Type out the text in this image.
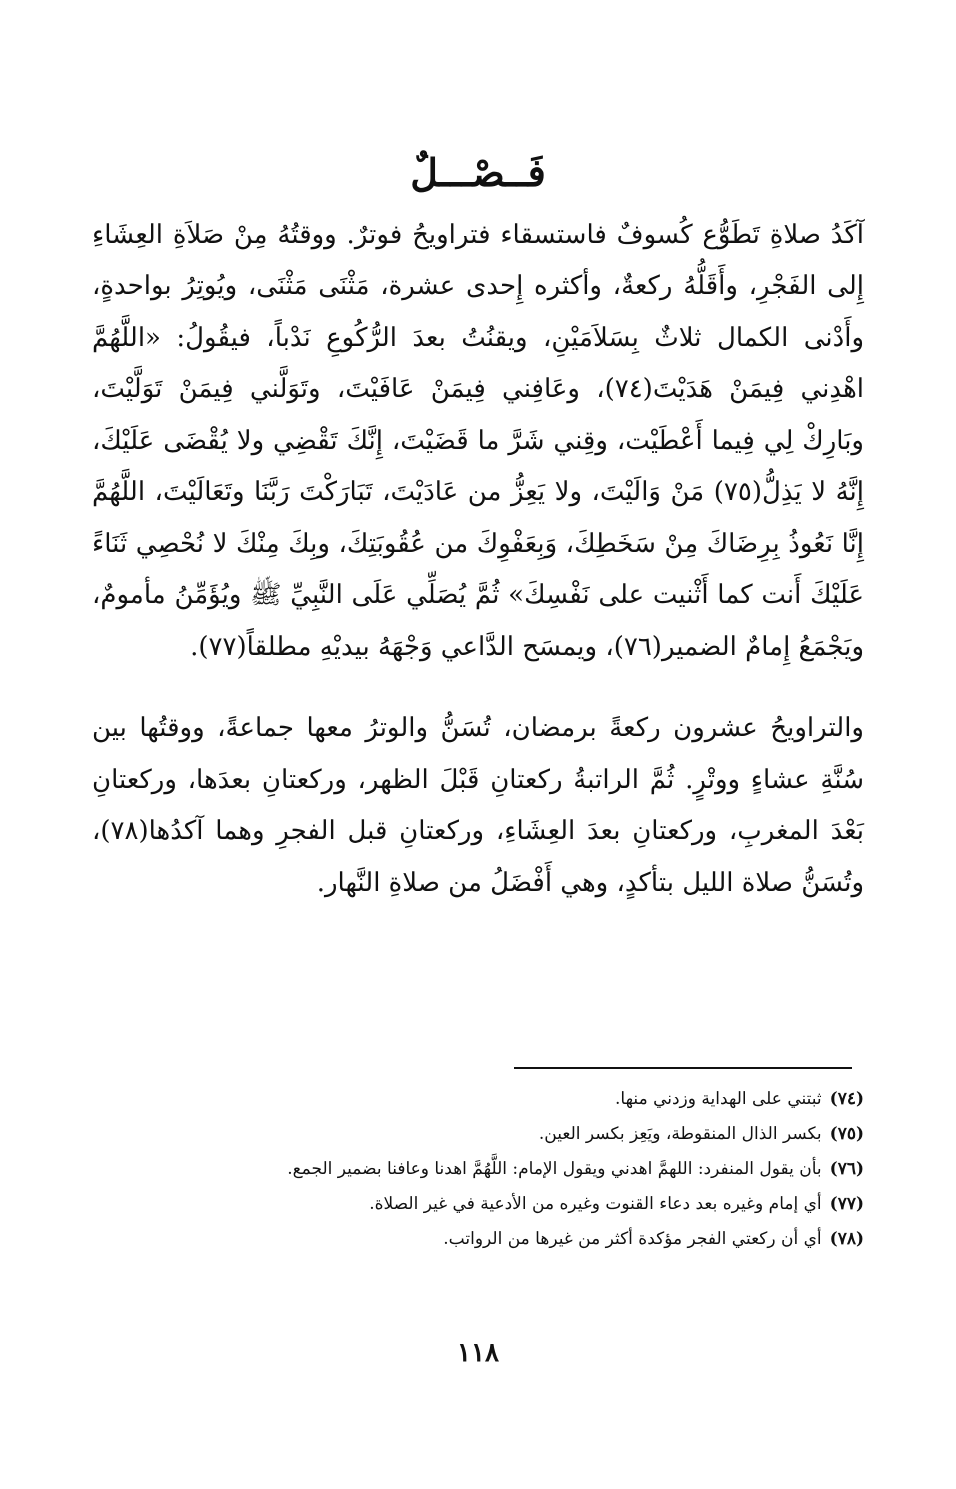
فَــصْـــلٌ

آكَدُ صلاةِ تَطَوُّع كُسوفٌ فاستسقاء فتراويحُ فوترٌ. ووقتُهُ مِنْ صَلاَةِ العِشَاءِ إِلى الفَجْرِ، وأَقَلُّهُ ركعةٌ، وأكثره إِحدى عشرة، مَثْنَى مَثْنَى، ويُوتِرُ بواحدةٍ، وأَدْنى الكمال ثلاثٌ بِسَلاَمَيْنِ، ويقنُتُ بعدَ الرُّكُوعِ نَدْباً، فيقُولُ: «اللَّهُمَّ اهْدِني فِيمَنْ هَدَيْتَ(٧٤)، وعَافِني فِيمَنْ عَافَيْتَ، وتَوَلَّني فِيمَنْ تَوَلَّيْتَ، وبَارِكْ لِي فِيما أَعْطَيْت، وقِني شَرَّ ما قَضَيْتَ، إِنَّكَ تَقْضِي ولا يُقْضَى عَلَيْكَ، إِنَّهُ لا يَذِلُّ(٧٥) مَنْ وَالَيْتَ، ولا يَعِزُّ من عَادَيْتَ، تَبَارَكْتَ رَبَّنَا وتَعَالَيْتَ، اللَّهُمَّ إِنَّا نَعُوذُ بِرِضَاكَ مِنْ سَخَطِكَ، وَبِعَفْوِكَ من عُقُوبَتِكَ، وبِكَ مِنْكَ لا نُحْصِي ثَنَاءً عَلَيْكَ أَنت كما أَثْنيت على نَفْسِكَ» ثُمَّ يُصَلِّي عَلَى النَّبِيِّ ﷺ ويُؤَمِّنُ مأمومٌ، ويَجْمَعُ إِمامٌ الضمير(٧٦)، ويمسَح الدَّاعي وَجْهَهُ بيديْهِ مطلقاً(٧٧).

والتراويحُ عشرون ركعةً برمضان، تُسَنُّ والوترُ معها جماعةً، ووقتُها بين سُنَّةِ عشاءٍ ووتْرٍ. ثُمَّ الراتبةُ ركعتانِ قَبْلَ الظهر، وركعتانِ بعدَها، وركعتانِ بَعْدَ المغربِ، وركعتانِ بعدَ العِشَاءِ، وركعتانِ قبل الفجرِ وهما آكدُها(٧٨)، وتُسَنُّ صلاة الليل بتأكدٍ، وهي أَفْضَلُ من صلاةِ النَّهار.

(٧٤)ثبتني على الهداية وزدني منها.
(٧٥)بكسر الذال المنقوطة، ويَعِز بكسر العين.
(٧٦)بأن يقول المنفرد: اللهمَّ اهدني ويقول الإمام: اللَّهُمَّ اهدنا وعافنا بضمير الجمع.
(٧٧)أي إمام وغيره بعد دعاء القنوت وغيره من الأدعية في غير الصلاة.
(٧٨)أي أن ركعتي الفجر مؤكدة أكثر من غيرها من الرواتب.
١١٨
